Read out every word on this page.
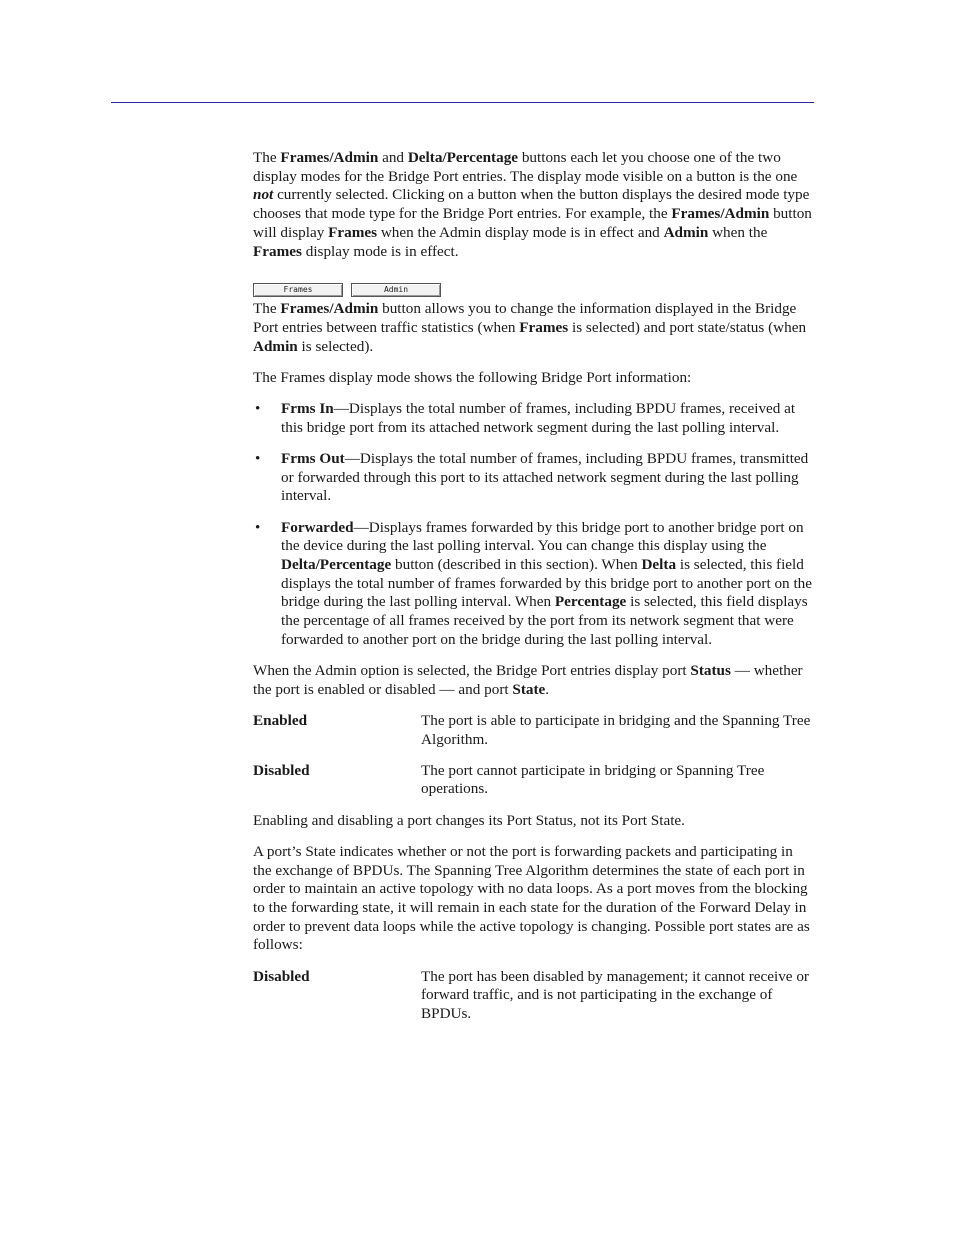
The Frames/Admin and Delta/Percentage buttons each let you choose one of the two display modes for the Bridge Port entries. The display mode visible on a button is the one not currently selected. Clicking on a button when the button displays the desired mode type chooses that mode type for the Bridge Port entries. For example, the Frames/Admin button will display Frames when the Admin display mode is in effect and Admin when the Frames display mode is in effect.

Frames	Admin

The Frames/Admin button allows you to change the information displayed in the Bridge Port entries between traffic statistics (when Frames is selected) and port state/status (when Admin is selected).

The Frames display mode shows the following Bridge Port information:

• Frms In—Displays the total number of frames, including BPDU frames, received at this bridge port from its attached network segment during the last polling interval.
• Frms Out—Displays the total number of frames, including BPDU frames, transmitted or forwarded through this port to its attached network segment during the last polling interval.
• Forwarded—Displays frames forwarded by this bridge port to another bridge port on the device during the last polling interval. You can change this display using the Delta/Percentage button (described in this section). When Delta is selected, this field displays the total number of frames forwarded by this bridge port to another port on the bridge during the last polling interval. When Percentage is selected, this field displays the percentage of all frames received by the port from its network segment that were forwarded to another port on the bridge during the last polling interval.

When the Admin option is selected, the Bridge Port entries display port Status — whether the port is enabled or disabled — and port State.

Enabled	The port is able to participate in bridging and the Spanning Tree Algorithm.
Disabled	The port cannot participate in bridging or Spanning Tree operations.

Enabling and disabling a port changes its Port Status, not its Port State.

A port’s State indicates whether or not the port is forwarding packets and participating in the exchange of BPDUs. The Spanning Tree Algorithm determines the state of each port in order to maintain an active topology with no data loops. As a port moves from the blocking to the forwarding state, it will remain in each state for the duration of the Forward Delay in order to prevent data loops while the active topology is changing. Possible port states are as follows:

Disabled	The port has been disabled by management; it cannot receive or forward traffic, and is not participating in the exchange of BPDUs.
